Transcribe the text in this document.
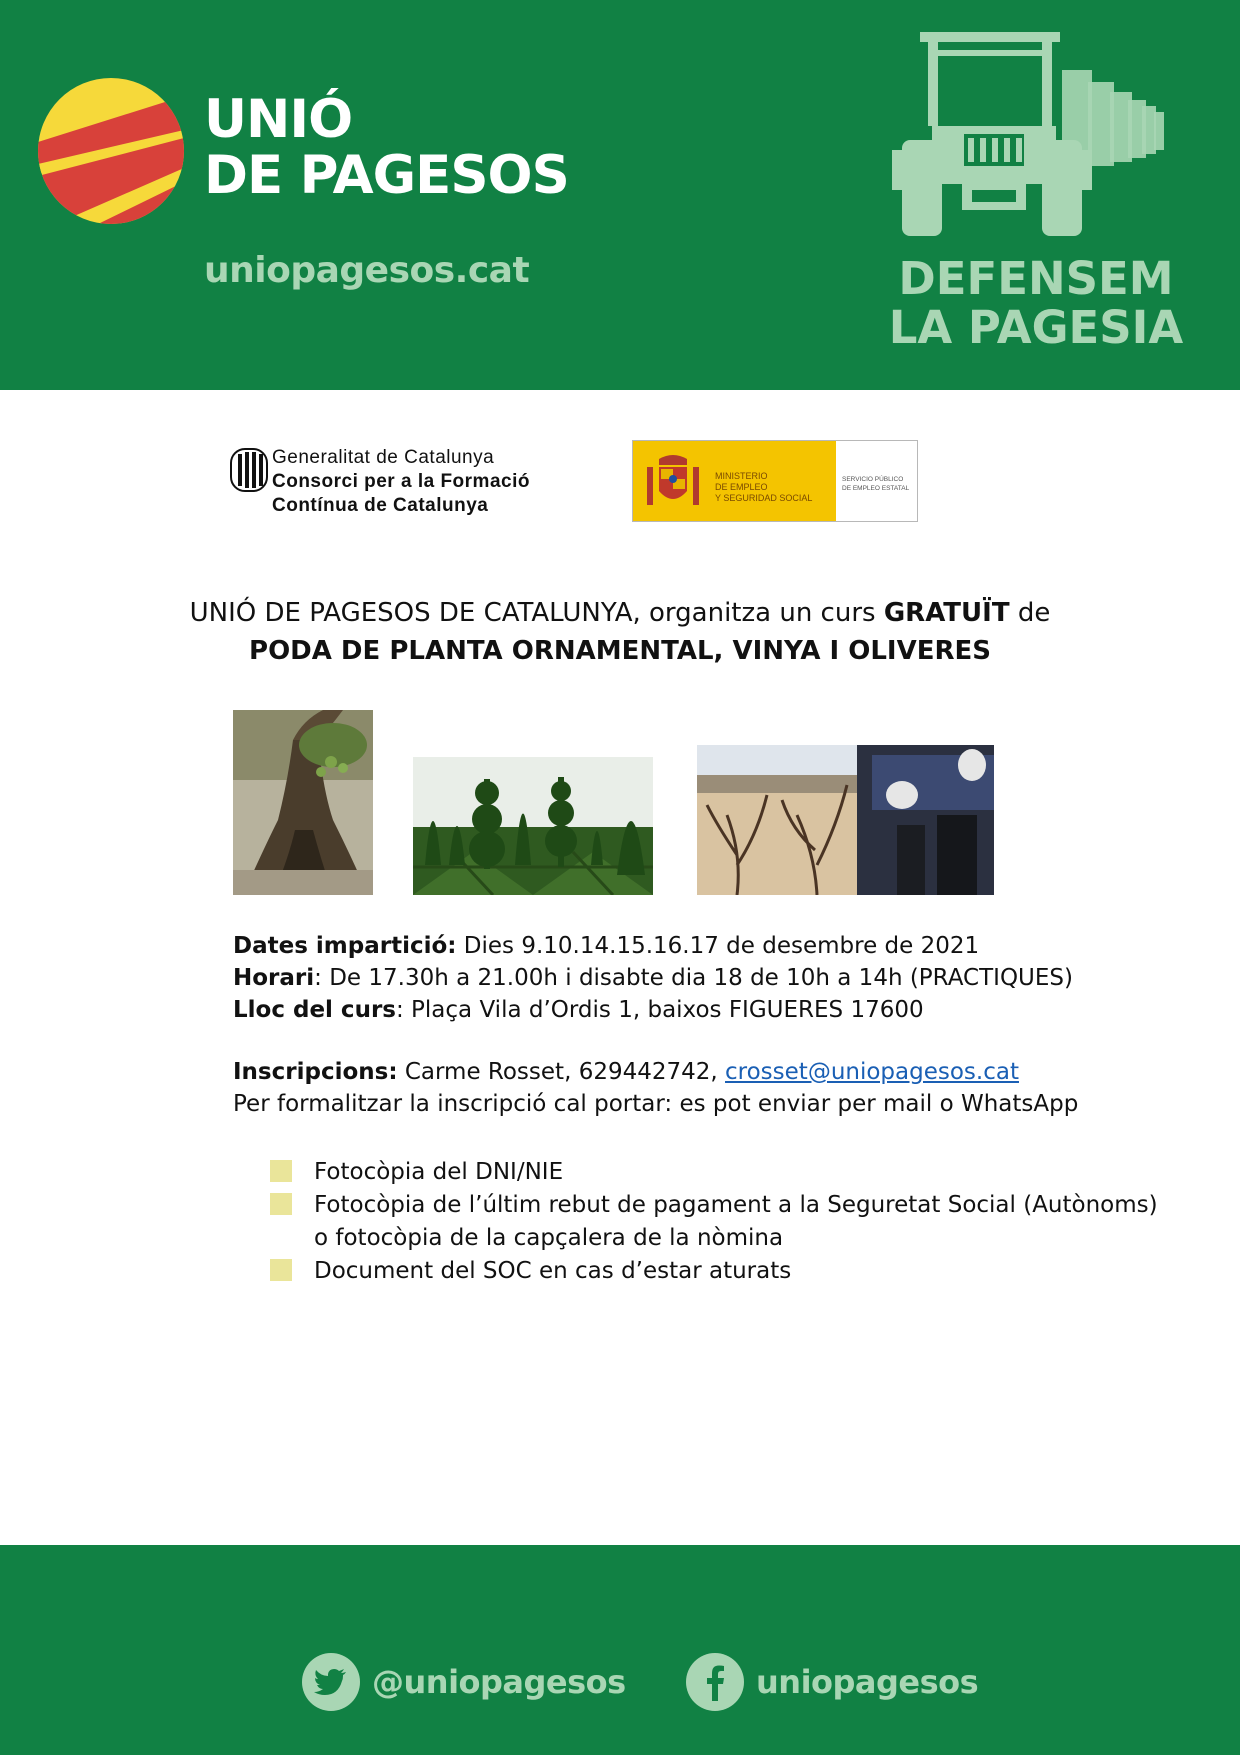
UNIÓ
DE PAGESOS
uniopagesos.cat	DEFENSEM
LA PAGESIA
Generalitat de Catalunya
Consorci per a la Formació
Contínua de Catalunya
MINISTERIO
DE EMPLEO
Y SEGURIDAD SOCIAL
SERVICIO PÚBLICO
DE EMPLEO ESTATAL
UNIÓ DE PAGESOS DE CATALUNYA, organitza un curs GRATUÏT de
PODA DE PLANTA ORNAMENTAL, VINYA I OLIVERES
Dates impartició: Dies 9.10.14.15.16.17 de desembre de 2021
Horari: De 17.30h a 21.00h i disabte dia 18 de 10h a 14h (PRACTIQUES)
Lloc del curs: Plaça Vila d’Ordis 1, baixos FIGUERES 17600
Inscripcions: Carme Rosset, 629442742, crosset@uniopagesos.cat
Per formalitzar la inscripció cal portar: es pot enviar per mail o WhatsApp
Fotocòpia del DNI/NIE
Fotocòpia de l’últim rebut de pagament a la Seguretat Social (Autònoms) o fotocòpia de la capçalera de la nòmina
Document del SOC en cas d’estar aturats
@uniopagesos	uniopagesos
